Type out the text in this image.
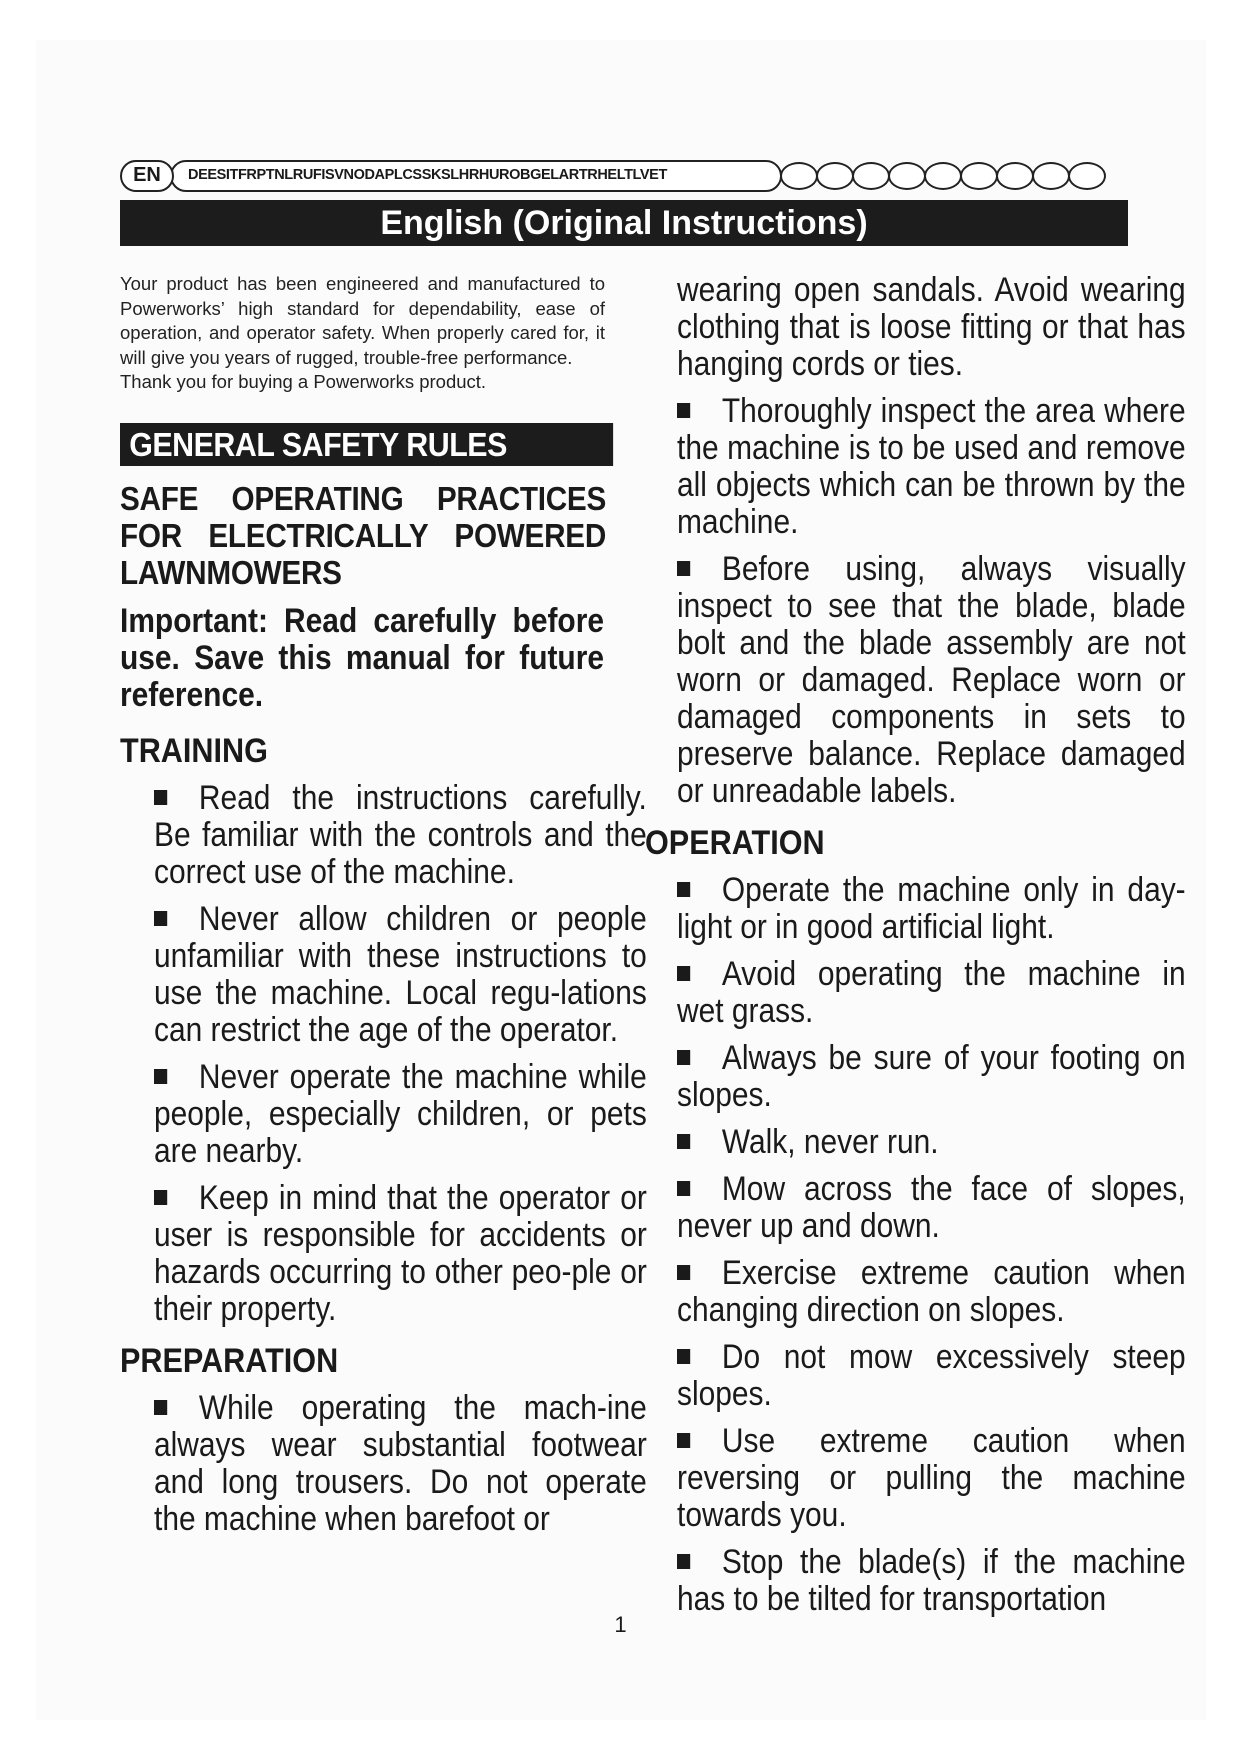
EN	DEESITFRPTNLRUFISVNODAPLCSSKSLHRHUROBGELARTRHELTLVET
English (Original Instructions)
Your product has been engineered and manufactured to Powerworks’ high standard for dependability, ease of operation, and operator safety. When properly cared for, it will give you years of rugged, trouble-free performance.
Thank you for buying a Powerworks product.
GENERAL SAFETY RULES
SAFE OPERATING PRACTICES FOR ELECTRICALLY POWERED LAWNMOWERS
Important: Read carefully before use. Save this manual for future reference.
TRAINING
Read the instructions carefully. Be familiar with the controls and the correct use of the machine.
Never allow children or people unfamiliar with these instructions to use the machine. Local regu-lations can restrict the age of the operator.
Never operate the machine while people, especially children, or pets are nearby.
Keep in mind that the operator or user is responsible for accidents or hazards occurring to other peo-ple or their property.
PREPARATION
While operating the mach-ine always wear substantial footwear and long trousers. Do not operate the machine when barefoot or
wearing open sandals. Avoid wearing clothing that is loose fitting or that has hanging cords or ties.
Thoroughly inspect the area where the machine is to be used and remove all objects which can be thrown by the machine.
Before using, always visually inspect to see that the blade, blade bolt and the blade assembly are not worn or damaged. Replace worn or damaged components in sets to preserve balance. Replace damaged or unreadable labels.
OPERATION
Operate the machine only in day-light or in good artificial light.
Avoid operating the machine in wet grass.
Always be sure of your footing on slopes.
Walk, never run.
Mow across the face of slopes, never up and down.
Exercise extreme caution when changing direction on slopes.
Do not mow excessively steep slopes.
Use extreme caution when reversing or pulling the machine towards you.
Stop the blade(s) if the machine has to be tilted for transportation
1
